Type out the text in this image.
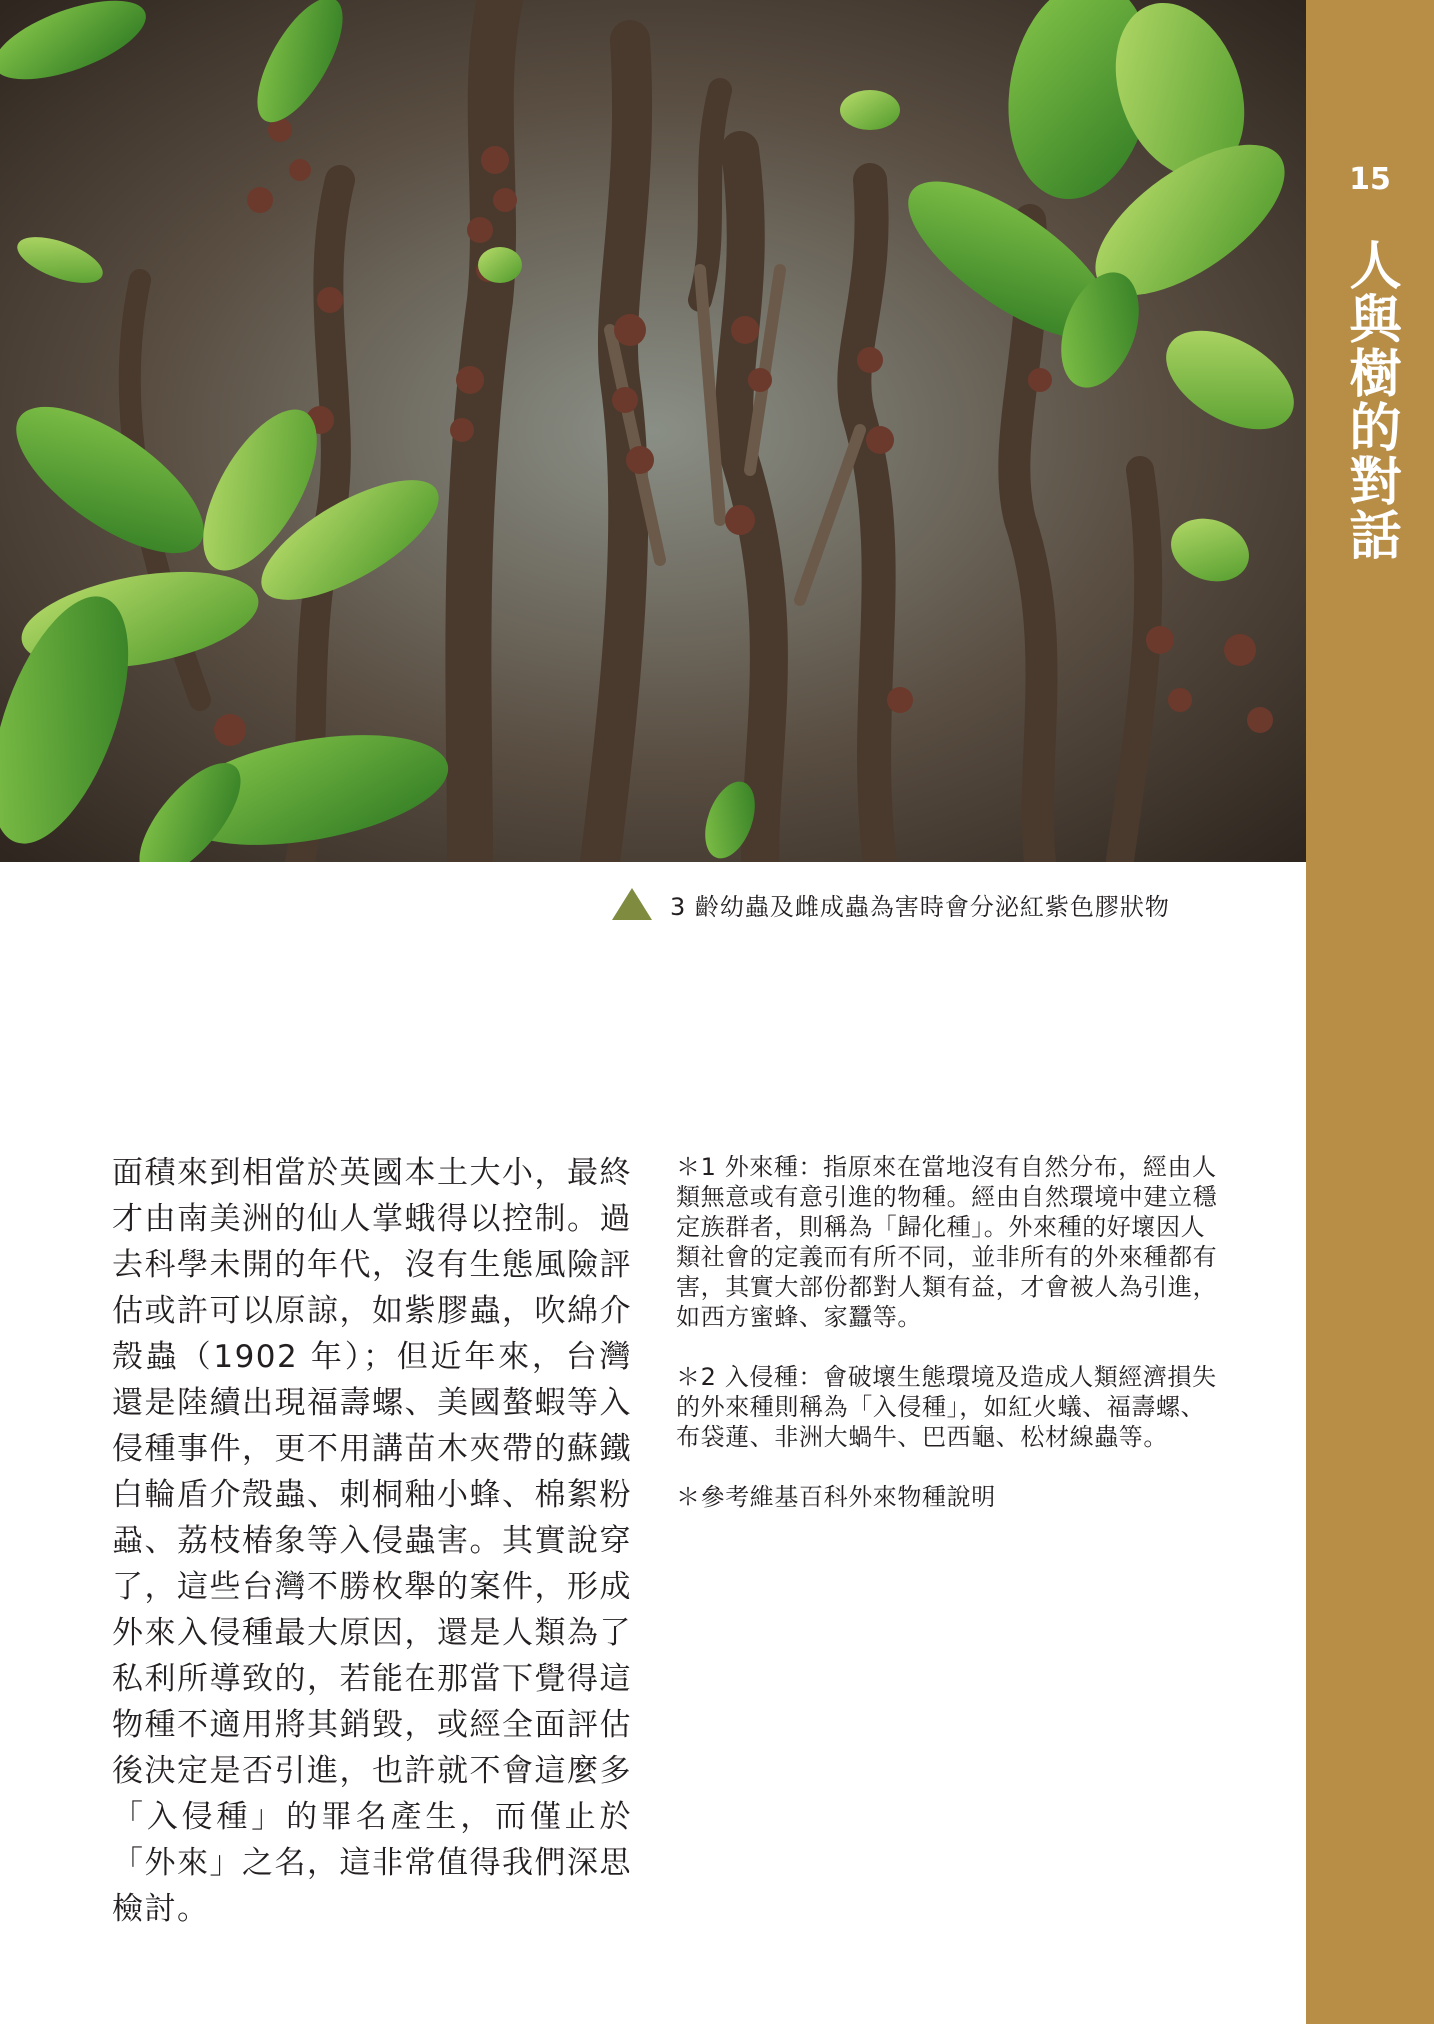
15
人與樹的對話
3 齡幼蟲及雌成蟲為害時會分泌紅紫色膠狀物
面積來到相當於英國本土大小，最終才由南美洲的仙人掌蛾得以控制。過去科學未開的年代，沒有生態風險評估或許可以原諒，如紫膠蟲，吹綿介殼蟲（1902 年）；但近年來，台灣還是陸續出現福壽螺、美國螯蝦等入侵種事件，更不用講苗木夾帶的蘇鐵白輪盾介殼蟲、刺桐釉小蜂、棉絮粉蝨、荔枝椿象等入侵蟲害。其實說穿了，這些台灣不勝枚舉的案件，形成外來入侵種最大原因，還是人類為了私利所導致的，若能在那當下覺得這物種不適用將其銷毀，或經全面評估後決定是否引進，也許就不會這麼多「入侵種」的罪名產生，而僅止於「外來」之名，這非常值得我們深思檢討。

＊1 外來種：指原來在當地沒有自然分布，經由人類無意或有意引進的物種。經由自然環境中建立穩定族群者，則稱為「歸化種」。外來種的好壞因人類社會的定義而有所不同，並非所有的外來種都有害，其實大部份都對人類有益，才會被人為引進，如西方蜜蜂、家蠶等。

＊2 入侵種：會破壞生態環境及造成人類經濟損失的外來種則稱為「入侵種」，如紅火蟻、福壽螺、布袋蓮、非洲大蝸牛、巴西龜、松材線蟲等。

＊參考維基百科外來物種說明
